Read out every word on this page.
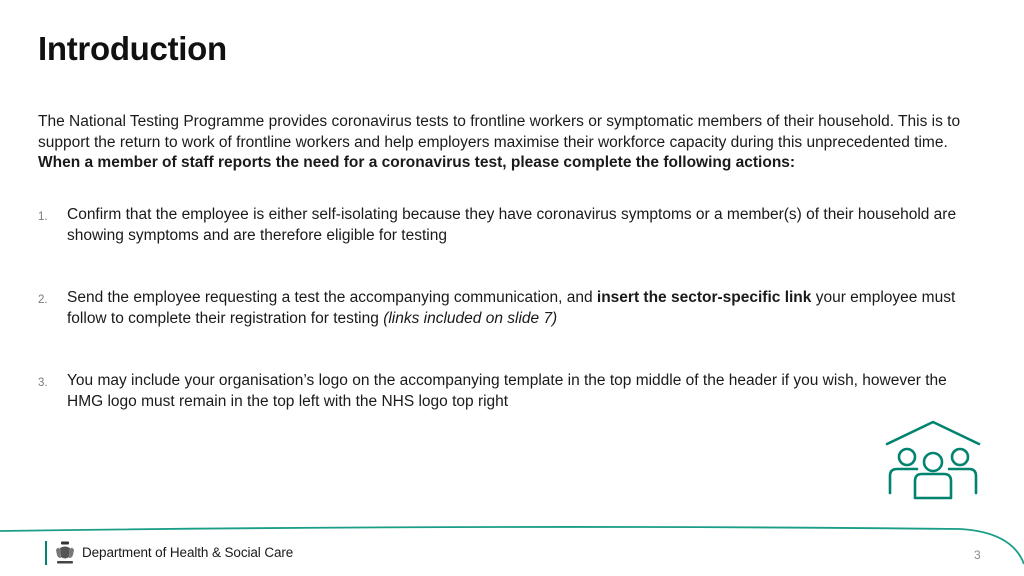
Introduction

The National Testing Programme provides coronavirus tests to frontline workers or symptomatic members of their household. This is to support the return to work of frontline workers and help employers maximise their workforce capacity during this unprecedented time. When a member of staff reports the need for a coronavirus test, please complete the following actions:

1. Confirm that the employee is either self-isolating because they have coronavirus symptoms or a member(s) of their household are showing symptoms and are therefore eligible for testing
2. Send the employee requesting a test the accompanying communication, and insert the sector-specific link your employee must follow to complete their registration for testing (links included on slide 7)
3. You may include your organisation’s logo on the accompanying template in the top middle of the header if you wish, however the HMG logo must remain in the top left with the NHS logo top right
Department of Health & Social Care	3
